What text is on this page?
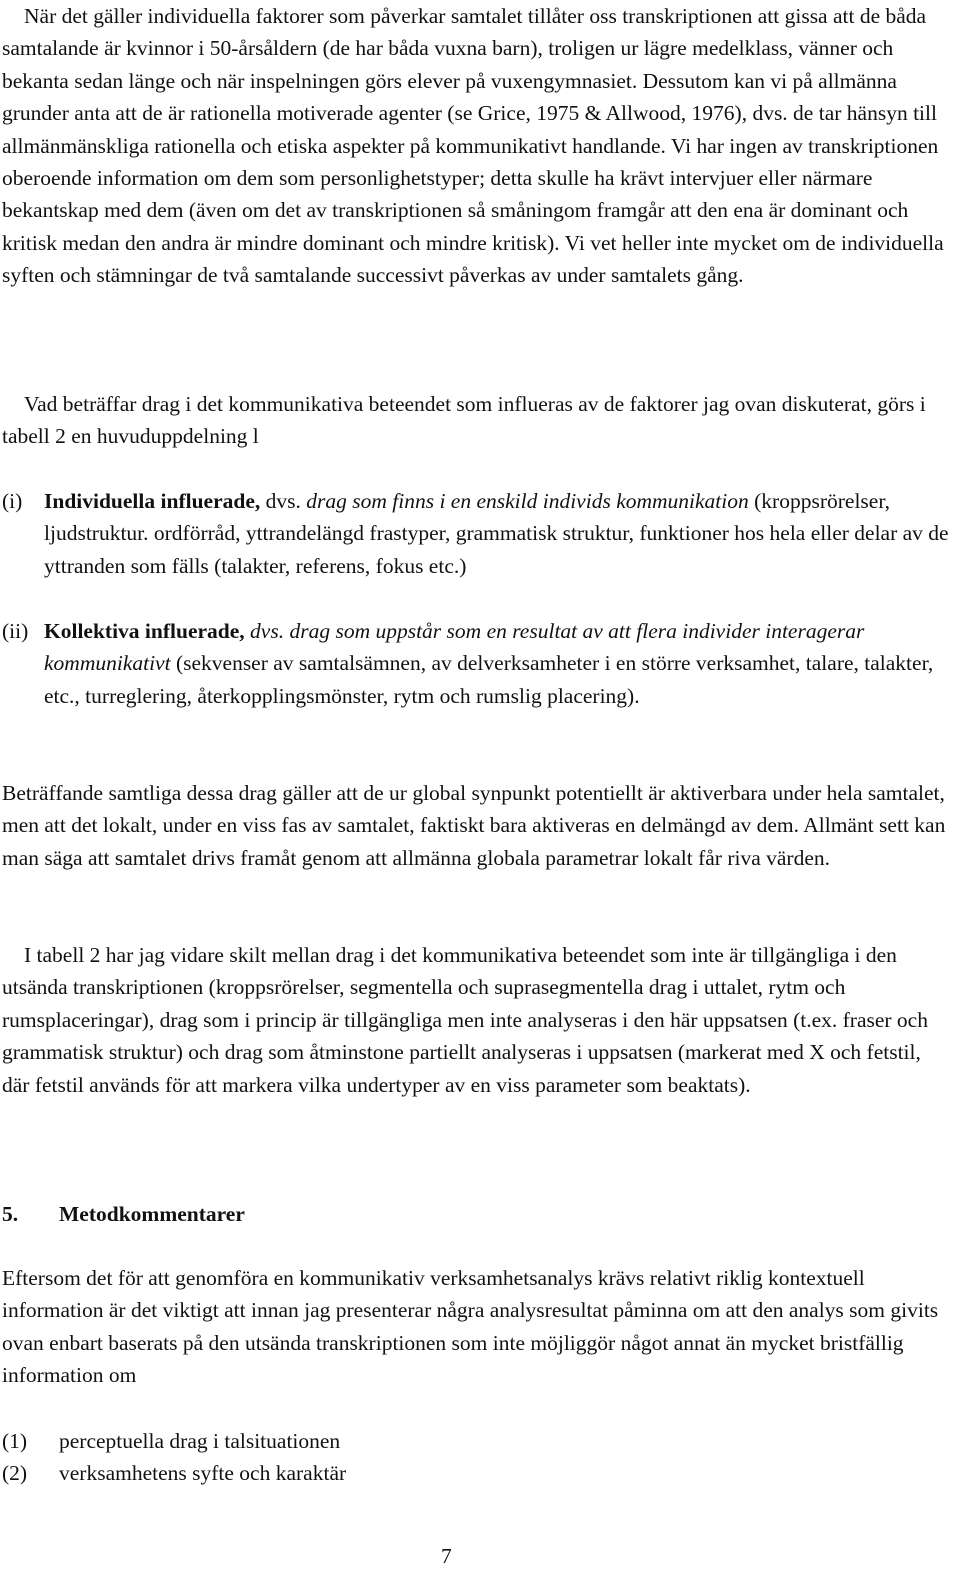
När det gäller individuella faktorer som påverkar samtalet tillåter oss transkriptionen att gissa att de båda samtalande är kvinnor i 50-årsåldern (de har båda vuxna barn), troligen ur lägre medelklass, vänner och bekanta sedan länge och när inspelningen görs elever på vuxengymnasiet. Dessutom kan vi på allmänna grunder anta att de är rationella motiverade agenter (se Grice, 1975 & Allwood, 1976), dvs. de tar hänsyn till allmänmänskliga rationella och etiska aspekter på kommunikativt handlande. Vi har ingen av transkriptionen oberoende information om dem som personlighetstyper; detta skulle ha krävt intervjuer eller närmare bekantskap med dem (även om det av transkriptionen så småningom framgår att den ena är dominant och kritisk medan den andra är mindre dominant och mindre kritisk). Vi vet heller inte mycket om de individuella syften och stämningar de två samtalande successivt påverkas av under samtalets gång.

Vad beträffar drag i det kommunikativa beteendet som influeras av de faktorer jag ovan diskuterat, görs i tabell 2 en huvuduppdelning l

(i) Individuella influerade, dvs. drag som finns i en enskild individs kommunikation (kroppsrörelser, ljudstruktur. ordförråd, yttrandelängd frastyper, grammatisk struktur, funktioner hos hela eller delar av de yttranden som fälls (talakter, referens, fokus etc.)
(ii) Kollektiva influerade, dvs. drag som uppstår som en resultat av att flera individer interagerar kommunikativt (sekvenser av samtalsämnen, av delverksamheter i en större verksamhet, talare, talakter, etc., turreglering, återkopplingsmönster, rytm och rumslig placering).

Beträffande samtliga dessa drag gäller att de ur global synpunkt potentiellt är aktiverbara under hela samtalet, men att det lokalt, under en viss fas av samtalet, faktiskt bara aktiveras en delmängd av dem. Allmänt sett kan man säga att samtalet drivs framåt genom att allmänna globala parametrar lokalt får riva värden.

I tabell 2 har jag vidare skilt mellan drag i det kommunikativa beteendet som inte är tillgängliga i den utsända transkriptionen (kroppsrörelser, segmentella och suprasegmentella drag i uttalet, rytm och rumsplaceringar), drag som i princip är tillgängliga men inte analyseras i den här uppsatsen (t.ex. fraser och grammatisk struktur) och drag som åtminstone partiellt analyseras i uppsatsen (markerat med X och fetstil, där fetstil används för att markera vilka undertyper av en viss parameter som beaktats).

5. Metodkommentarer

Eftersom det för att genomföra en kommunikativ verksamhetsanalys krävs relativt riklig kontextuell information är det viktigt att innan jag presenterar några analysresultat påminna om att den analys som givits ovan enbart baserats på den utsända transkriptionen som inte möjliggör något annat än mycket bristfällig information om

(1) perceptuella drag i talsituationen
(2) verksamhetens syfte och karaktär
7
